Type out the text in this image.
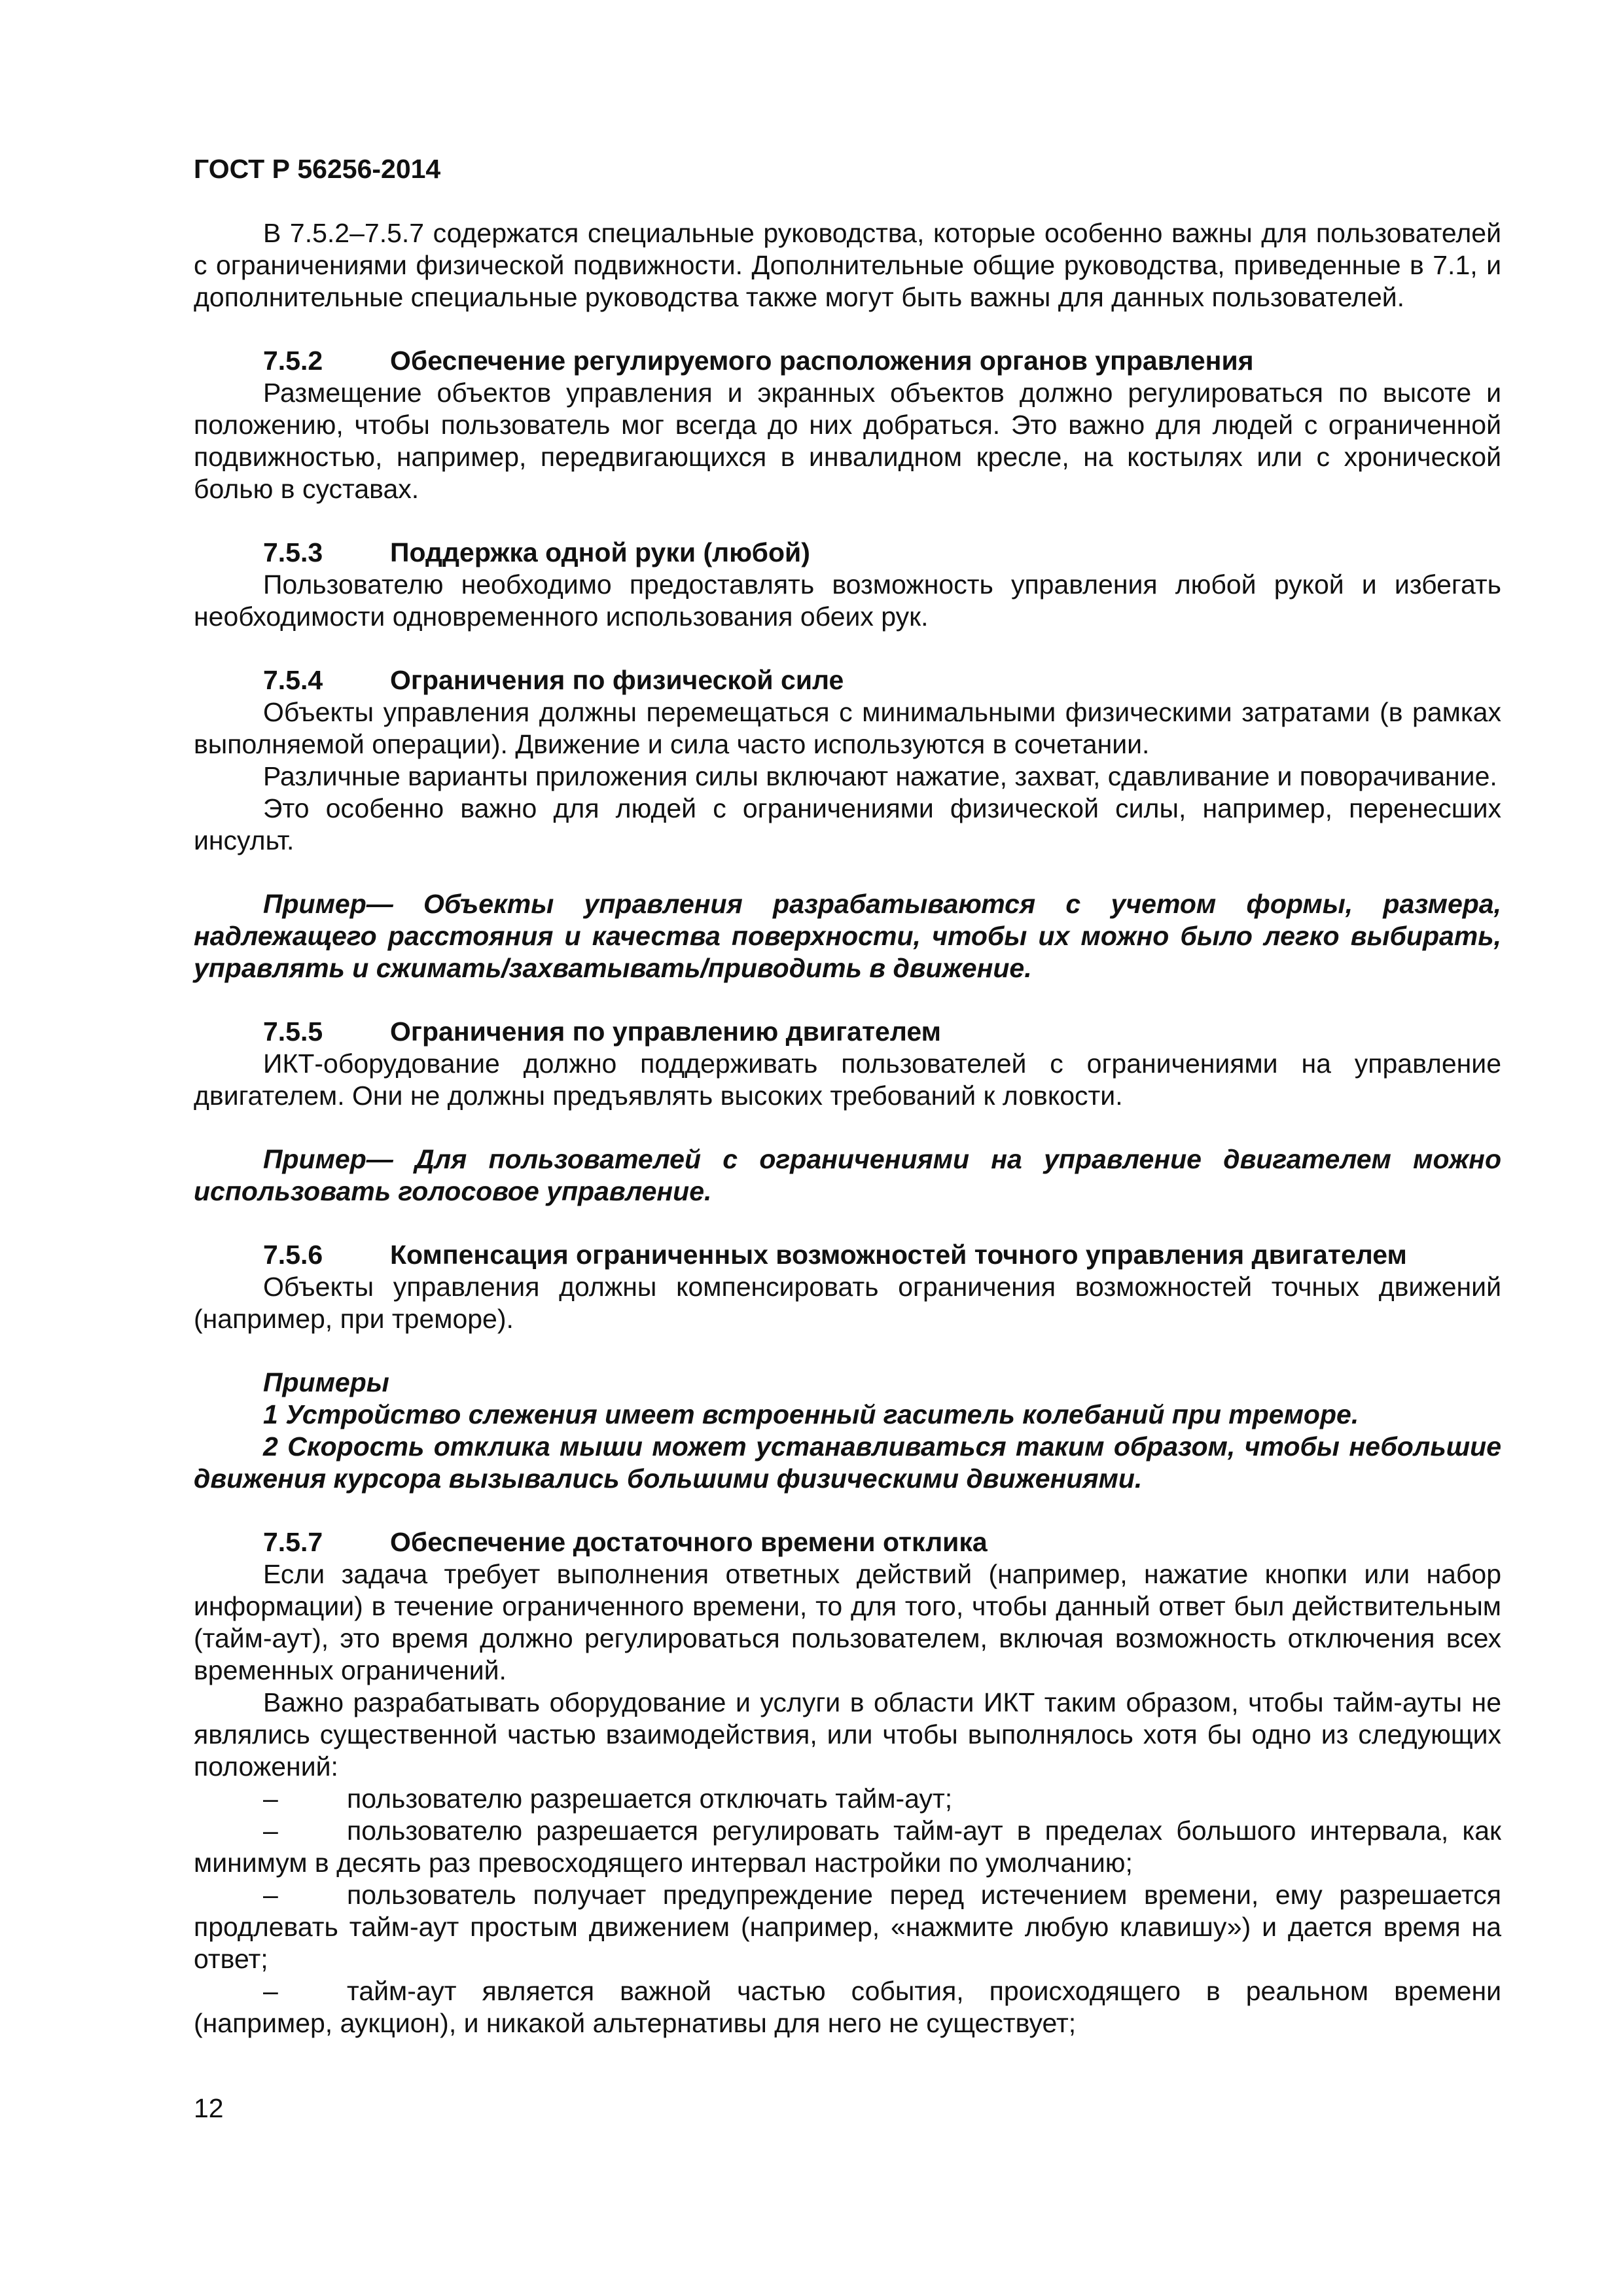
ГОСТ Р 56256-2014

В 7.5.2–7.5.7 содержатся специальные руководства, которые особенно важны для пользователей с ограничениями физической подвижности. Дополнительные общие руководства, приведенные в 7.1, и дополнительные специальные руководства также могут быть важны для данных пользователей.

7.5.2	Обеспечение регулируемого расположения органов управления

Размещение объектов управления и экранных объектов должно регулироваться по высоте и положению, чтобы пользователь мог всегда до них добраться. Это важно для людей с ограниченной подвижностью, например, передвигающихся в инвалидном кресле, на костылях или с хронической болью в суставах.

7.5.3	Поддержка одной руки (любой)

Пользователю необходимо предоставлять возможность управления любой рукой и избегать необходимости одновременного использования обеих рук.

7.5.4	Ограничения по физической силе

Объекты управления должны перемещаться с минимальными физическими затратами (в рамках выполняемой операции). Движение и сила часто используются в сочетании.

Различные варианты приложения силы включают нажатие, захват, сдавливание и поворачивание.

Это особенно важно для людей с ограничениями физической силы, например, перенесших инсульт.

Пример— Объекты управления разрабатываются с учетом формы, размера, надлежащего расстояния и качества поверхности, чтобы их можно было легко выбирать, управлять и сжимать/захватывать/приводить в движение.

7.5.5	Ограничения по управлению двигателем

ИКТ-оборудование должно поддерживать пользователей с ограничениями на управление двигателем. Они не должны предъявлять высоких требований к ловкости.

Пример— Для пользователей с ограничениями на управление двигателем можно использовать голосовое управление.

7.5.6	Компенсация ограниченных возможностей точного управления двигателем

Объекты управления должны компенсировать ограничения возможностей точных движений (например, при треморе).

Примеры

1 Устройство слежения имеет встроенный гаситель колебаний при треморе.

2 Скорость отклика мыши может устанавливаться таким образом, чтобы небольшие движения курсора вызывались большими физическими движениями.

7.5.7	Обеспечение достаточного времени отклика

Если задача требует выполнения ответных действий (например, нажатие кнопки или набор информации) в течение ограниченного времени, то для того, чтобы данный ответ был действительным (тайм-аут), это время должно регулироваться пользователем, включая возможность отключения всех временных ограничений.

Важно разрабатывать оборудование и услуги в области ИКТ таким образом, чтобы тайм-ауты не являлись существенной частью взаимодействия, или чтобы выполнялось хотя бы одно из следующих положений:

–	пользователю разрешается отключать тайм-аут;

–	пользователю разрешается регулировать тайм-аут в пределах большого интервала, как минимум в десять раз превосходящего интервал настройки по умолчанию;

–	пользователь получает предупреждение перед истечением времени, ему разрешается продлевать тайм-аут простым движением (например, «нажмите любую клавишу») и дается время на ответ;

–	тайм-аут является важной частью события, происходящего в реальном времени (например, аукцион), и никакой альтернативы для него не существует;

12
